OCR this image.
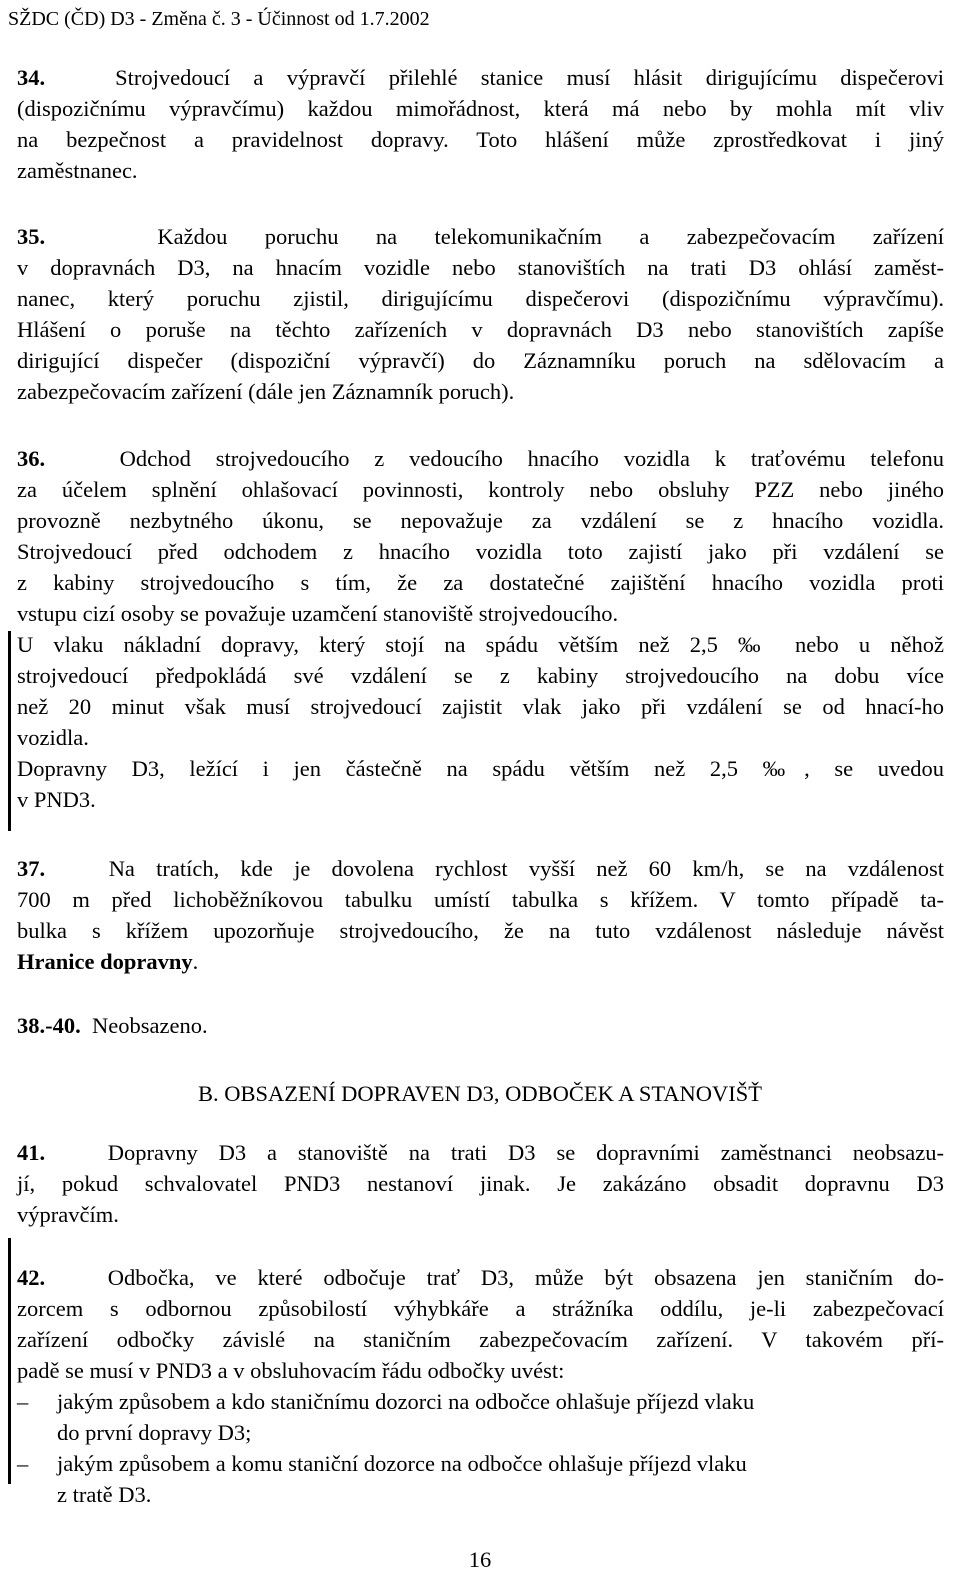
SŽDC (ČD) D3 - Změna č. 3 - Účinnost od 1.7.2002
34.	Strojvedoucí a výpravčí přilehlé stanice musí hlásit dirigujícímu dispečerovi
(dispozičnímu výpravčímu) každou mimořádnost, která má nebo by mohla mít vliv
na bezpečnost a pravidelnost dopravy. Toto hlášení může zprostředkovat i jiný
zaměstnanec.
35.	Každou poruchu na telekomunikačním a zabezpečovacím zařízení
v dopravnách D3, na hnacím vozidle nebo stanovištích na trati D3 ohlásí zaměst-
nanec, který poruchu zjistil, dirigujícímu dispečerovi (dispozičnímu výpravčímu).
Hlášení o poruše na těchto zařízeních v dopravnách D3 nebo stanovištích zapíše
dirigující dispečer (dispoziční výpravčí) do Záznamníku poruch na sdělovacím a
zabezpečovacím zařízení (dále jen Záznamník poruch).
36.	Odchod strojvedoucího z vedoucího hnacího vozidla k traťovému telefonu
za účelem splnění ohlašovací povinnosti, kontroly nebo obsluhy PZZ nebo jiného
provozně nezbytného úkonu, se nepovažuje za vzdálení se z hnacího vozidla.
Strojvedoucí před odchodem z hnacího vozidla toto zajistí jako při vzdálení se
z kabiny strojvedoucího s tím, že za dostatečné zajištění hnacího vozidla proti
vstupu cizí osoby se považuje uzamčení stanoviště strojvedoucího.
U vlaku nákladní dopravy, který stojí na spádu větším než 2,5 ‰ nebo u něhož
strojvedoucí předpokládá své vzdálení se z kabiny strojvedoucího na dobu více
než 20 minut však musí strojvedoucí zajistit vlak jako při vzdálení se od hnací-ho
vozidla.
Dopravny D3, ležící i jen částečně na spádu větším než 2,5 ‰, se uvedou
v PND3.
37.	Na tratích, kde je dovolena rychlost vyšší než 60 km/h, se na vzdálenost
700 m před lichoběžníkovou tabulku umístí tabulka s křížem. V tomto případě ta-
bulka s křížem upozorňuje strojvedoucího, že na tuto vzdálenost následuje návěst
Hranice dopravny.
38.-40. Neobsazeno.
B. OBSAZENÍ DOPRAVEN D3, ODBOČEK A STANOVIŠŤ
41.	Dopravny D3 a stanoviště na trati D3 se dopravními zaměstnanci neobsazu-
jí, pokud schvalovatel PND3 nestanoví jinak. Je zakázáno obsadit dopravnu D3
výpravčím.
42.	Odbočka, ve které odbočuje trať D3, může být obsazena jen staničním do-
zorcem s odbornou způsobilostí výhybkáře a strážníka oddílu, je-li zabezpečovací
zařízení odbočky závislé na staničním zabezpečovacím zařízení. V takovém pří-
padě se musí v PND3 a v obsluhovacím řádu odbočky uvést:
– jakým způsobem a kdo staničnímu dozorci na odbočce ohlašuje příjezd vlaku
do první dopravy D3;
– jakým způsobem a komu staniční dozorce na odbočce ohlašuje příjezd vlaku
z tratě D3.
16
